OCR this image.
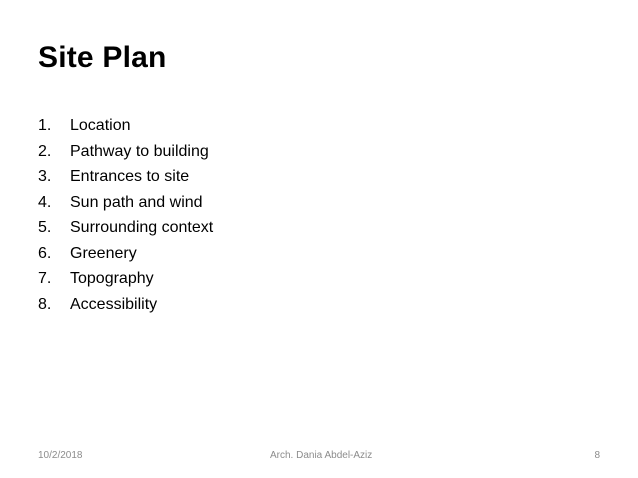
Site Plan
1.	Location
2.	Pathway to building
3.	Entrances to site
4.	Sun path and wind
5.	Surrounding context
6.	Greenery
7.	Topography
8.	Accessibility
10/2/2018	Arch. Dania Abdel-Aziz	8
